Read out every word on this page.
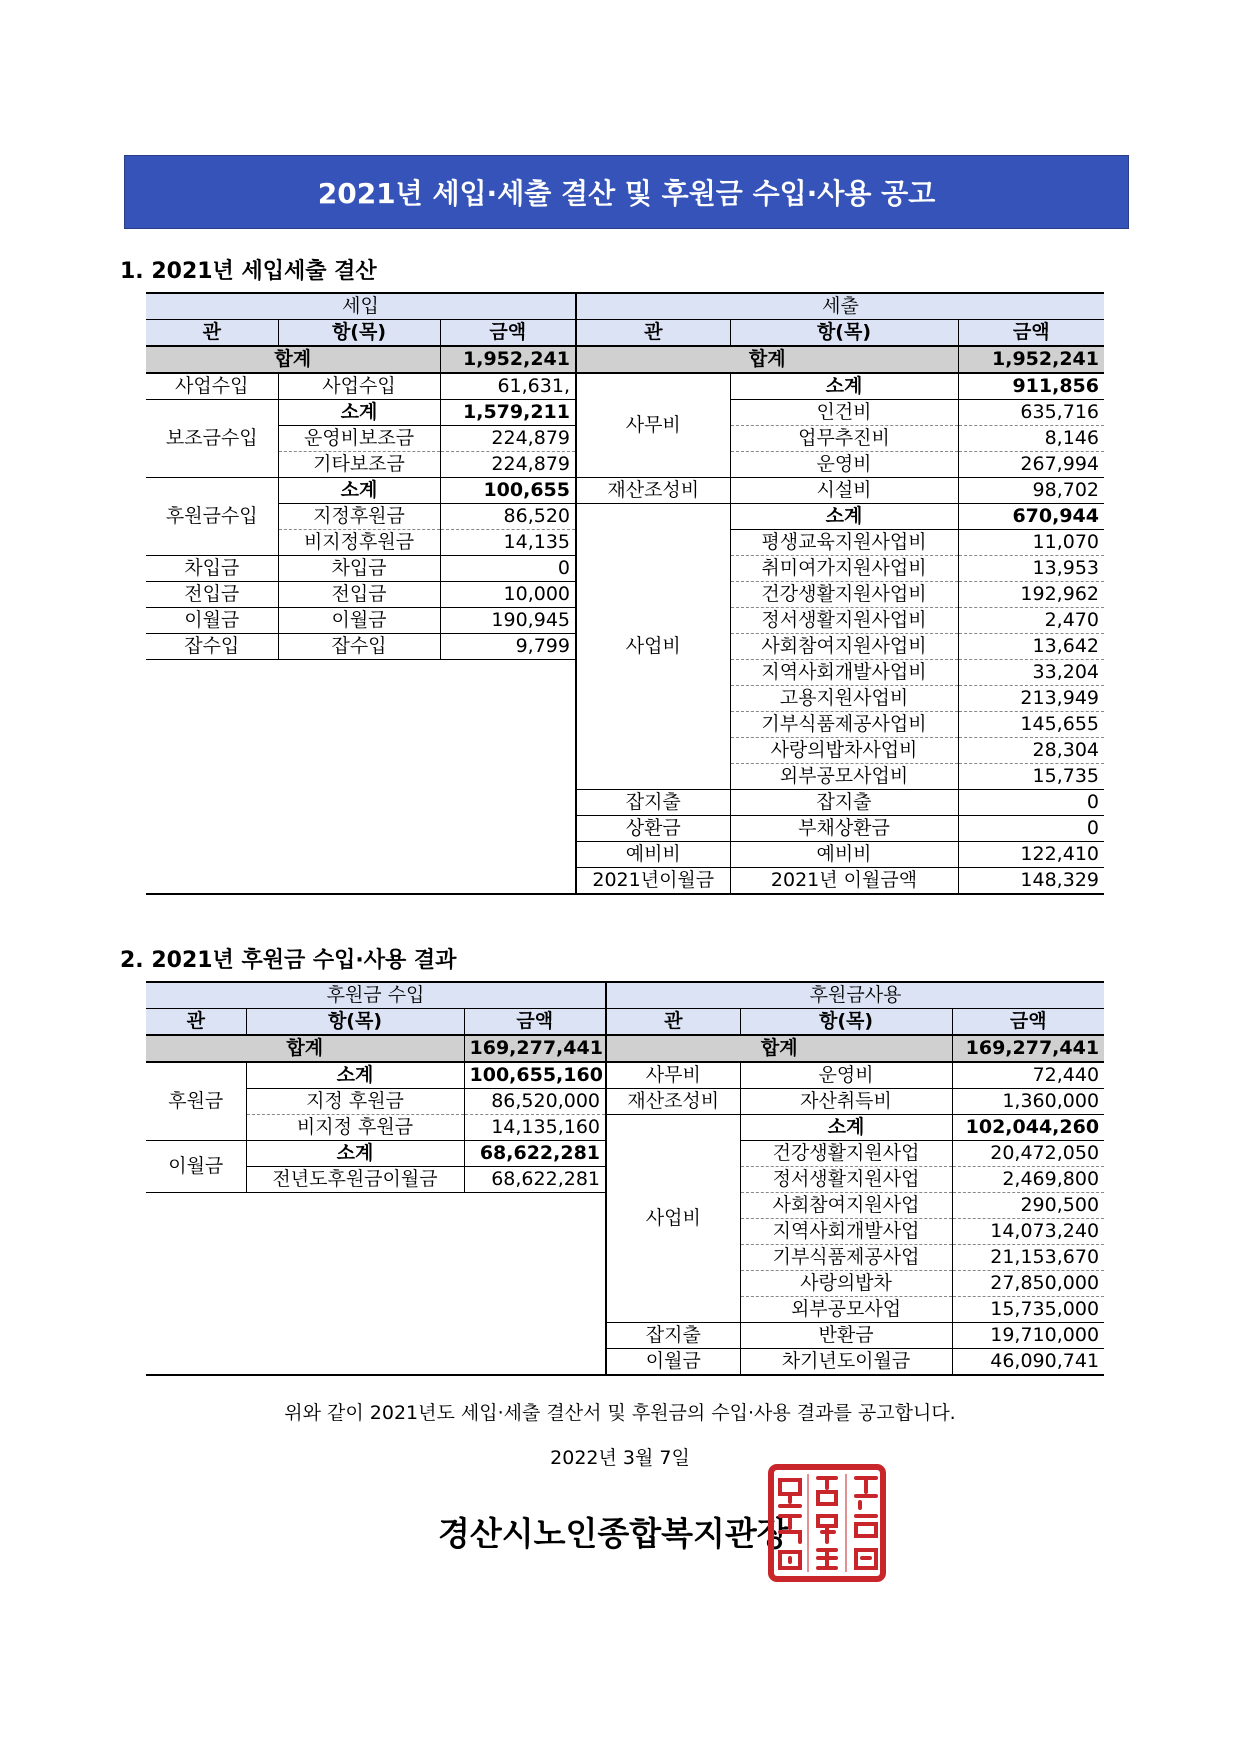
2021년 세입·세출 결산 및 후원금 수입·사용 공고
1. 2021년 세입세출 결산
세입			세출		
관	항(목)	금액	관	항(목)	금액
합계		1,952,241	합계		1,952,241
사업수입	사업수입	61,631,	사무비	소계	911,856
보조금수입	소계	1,579,211		인건비	635,716
	운영비보조금	224,879		업무추진비	8,146
	기타보조금	224,879		운영비	267,994
후원금수입	소계	100,655	재산조성비	시설비	98,702
	지정후원금	86,520	사업비	소계	670,944
	비지정후원금	14,135		평생교육지원사업비	11,070
차입금	차입금	0		취미여가지원사업비	13,953
전입금	전입금	10,000		건강생활지원사업비	192,962
이월금	이월금	190,945		정서생활지원사업비	2,470
잡수입	잡수입	9,799		사회참여지원사업비	13,642
				지역사회개발사업비	33,204
				고용지원사업비	213,949
				기부식품제공사업비	145,655
				사랑의밥차사업비	28,304
				외부공모사업비	15,735
			잡지출	잡지출	0
			상환금	부채상환금	0
			예비비	예비비	122,410
			2021년이월금	2021년 이월금액	148,329
2. 2021년 후원금 수입·사용 결과
후원금 수입			후원금사용		
관	항(목)	금액	관	항(목)	금액
합계		169,277,441	합계		169,277,441
후원금	소계	100,655,160	사무비	운영비	72,440
	지정 후원금	86,520,000	재산조성비	자산취득비	1,360,000
	비지정 후원금	14,135,160	사업비	소계	102,044,260
이월금	소계	68,622,281		건강생활지원사업	20,472,050
	전년도후원금이월금	68,622,281		정서생활지원사업	2,469,800
				사회참여지원사업	290,500
				지역사회개발사업	14,073,240
				기부식품제공사업	21,153,670
				사랑의밥차	27,850,000
				외부공모사업	15,735,000
			잡지출	반환금	19,710,000
			이월금	차기년도이월금	46,090,741
위와 같이 2021년도 세입·세출 결산서 및 후원금의 수입·사용 결과를 공고합니다.
2022년 3월 7일
경산시노인종합복지관장
